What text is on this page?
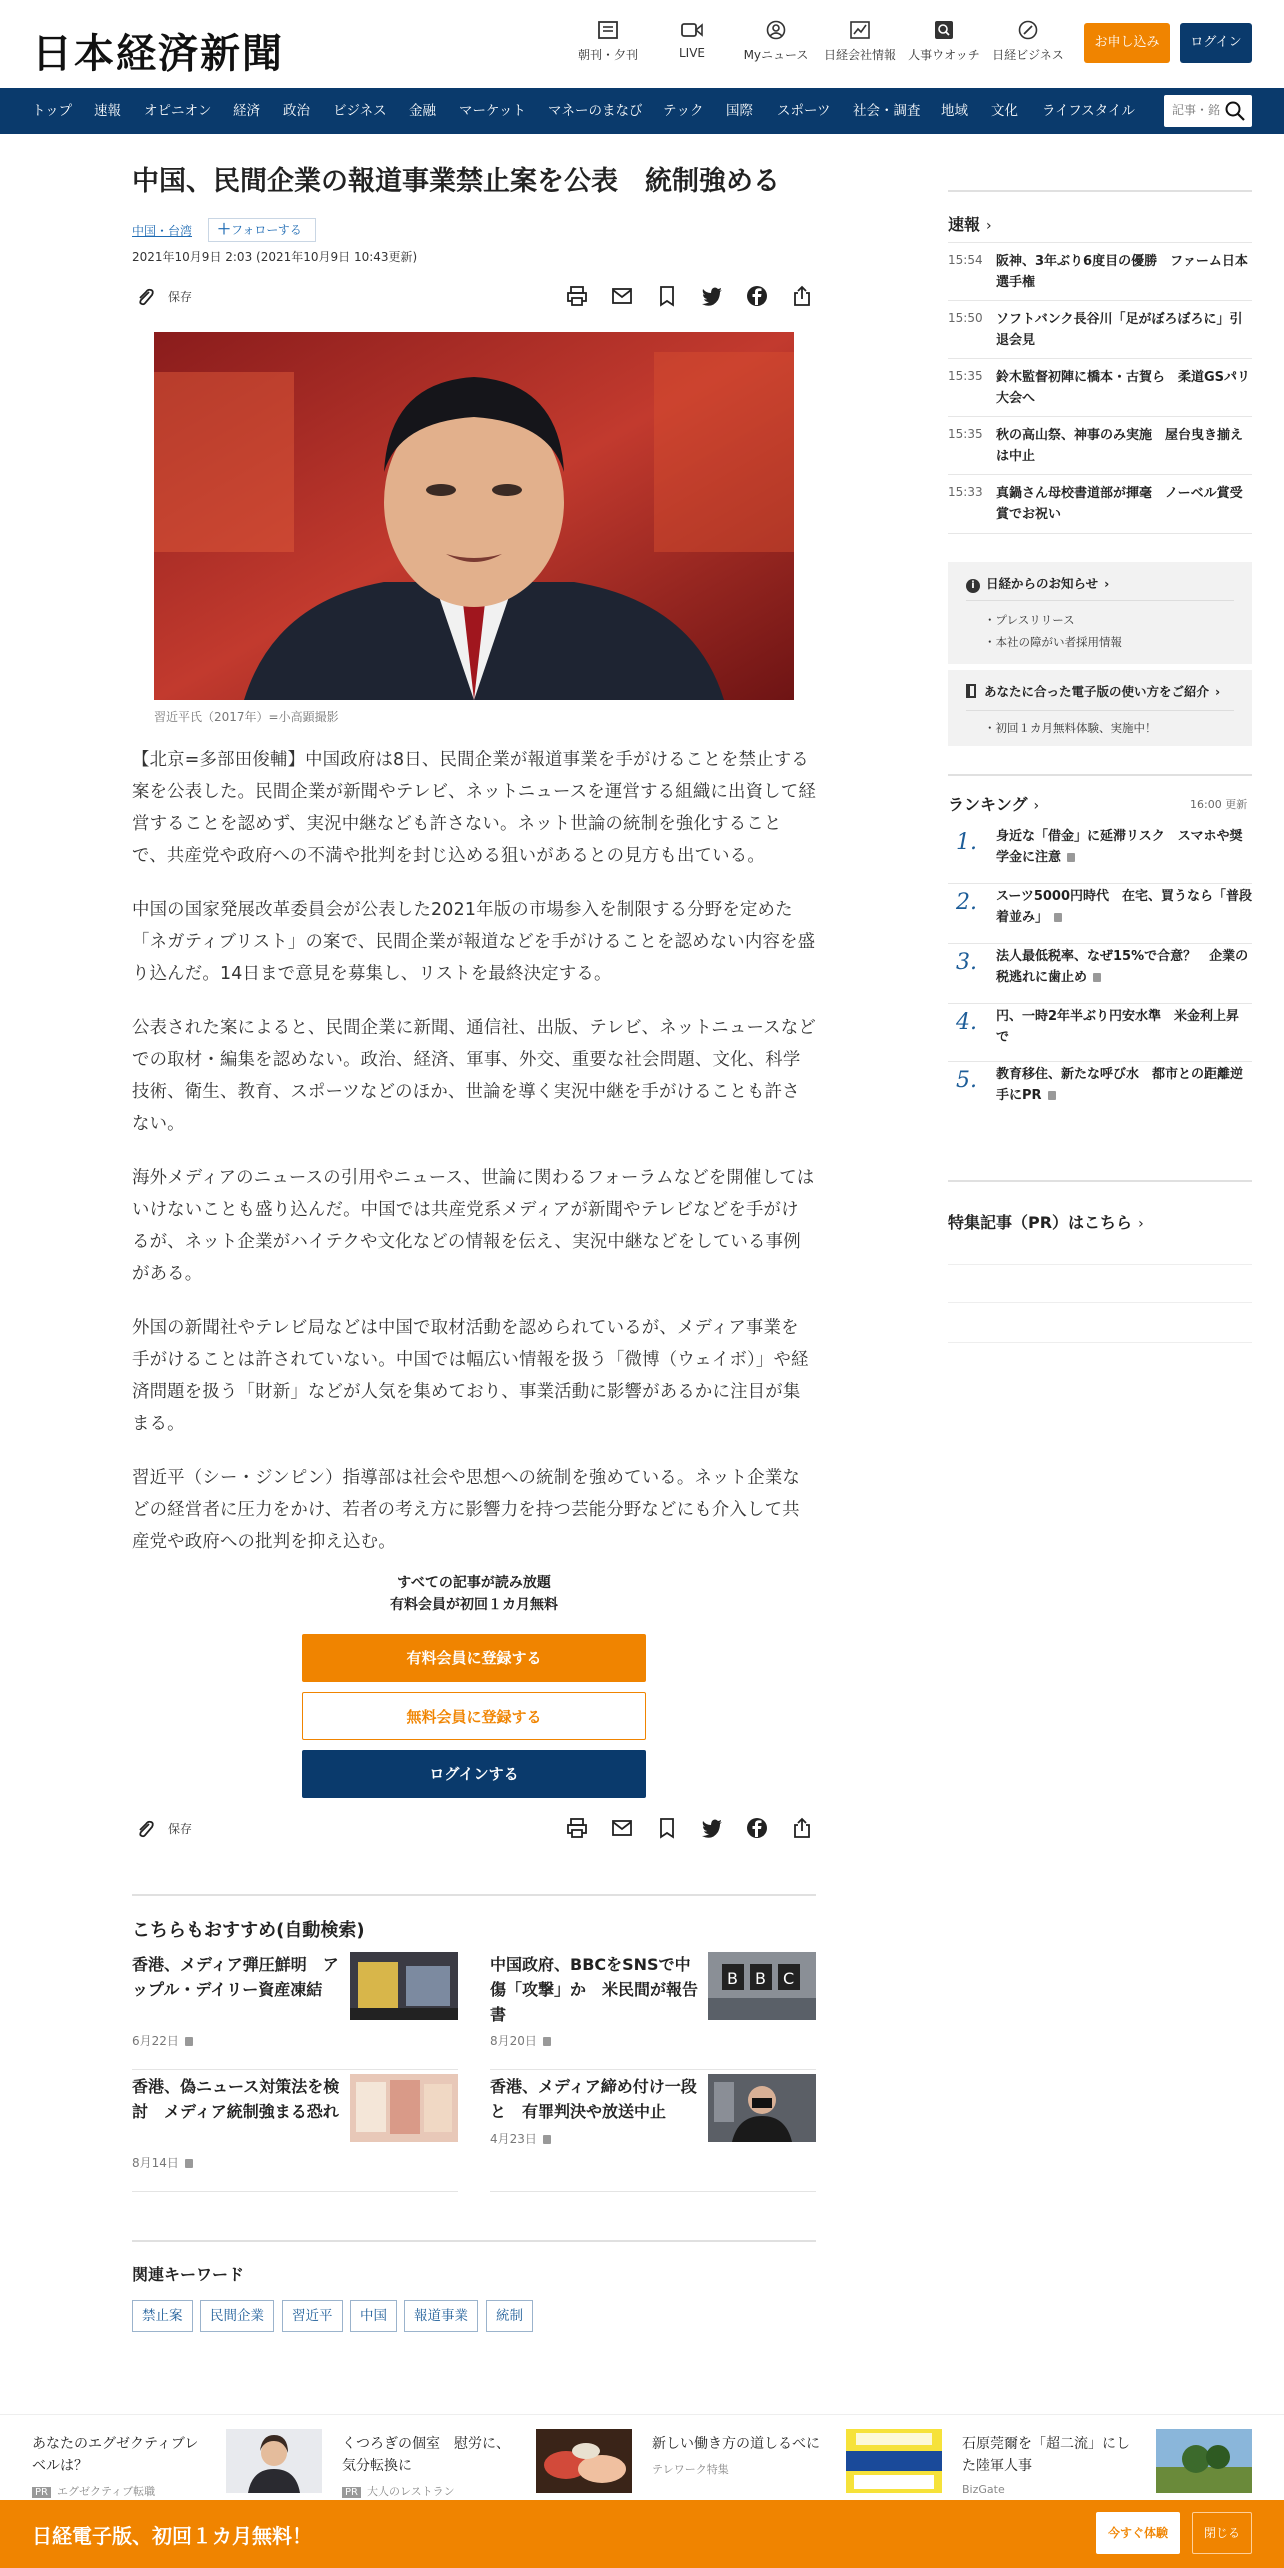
日本経済新聞	朝刊・夕刊	LIVE	Myニュース	日経会社情報	人事ウオッチ	日経ビジネス
お申し込み	ログイン
トップ 速報 オピニオン 経済 政治 ビジネス 金融 マーケット マネーのまなび テック 国際 スポーツ 社会・調査 地域 文化 ライフスタイル
記事・銘
中国、民間企業の報道事業禁止案を公表　統制強める
中国・台湾	＋フォローする
2021年10月9日 2:03 (2021年10月9日 10:43更新)
保存

習近平氏（2017年）=小高顕撮影

【北京=多部田俊輔】中国政府は8日、民間企業が報道事業を手がけることを禁止する案を公表した。民間企業が新聞やテレビ、ネットニュースを運営する組織に出資して経営することを認めず、実況中継なども許さない。ネット世論の統制を強化することで、共産党や政府への不満や批判を封じ込める狙いがあるとの見方も出ている。

中国の国家発展改革委員会が公表した2021年版の市場参入を制限する分野を定めた「ネガティブリスト」の案で、民間企業が報道などを手がけることを認めない内容を盛り込んだ。14日まで意見を募集し、リストを最終決定する。

公表された案によると、民間企業に新聞、通信社、出版、テレビ、ネットニュースなどでの取材・編集を認めない。政治、経済、軍事、外交、重要な社会問題、文化、科学技術、衛生、教育、スポーツなどのほか、世論を導く実況中継を手がけることも許さない。

海外メディアのニュースの引用やニュース、世論に関わるフォーラムなどを開催してはいけないことも盛り込んだ。中国では共産党系メディアが新聞やテレビなどを手がけるが、ネット企業がハイテクや文化などの情報を伝え、実況中継などをしている事例がある。

外国の新聞社やテレビ局などは中国で取材活動を認められているが、メディア事業を手がけることは許されていない。中国では幅広い情報を扱う「微博（ウェイボ）」や経済問題を扱う「財新」などが人気を集めており、事業活動に影響があるかに注目が集まる。

習近平（シー・ジンピン）指導部は社会や思想への統制を強めている。ネット企業などの経営者に圧力をかけ、若者の考え方に影響力を持つ芸能分野などにも介入して共産党や政府への批判を抑え込む。

すべての記事が読み放題
有料会員が初回１カ月無料
有料会員に登録する
無料会員に登録する
ログインする
保存

こちらもおすすめ(自動検索)
香港、メディア弾圧鮮明　アップル・デイリー資産凍結
6月22日
中国政府、BBCをSNSで中傷「攻撃」か　米民間が報告書
8月20日
B B C
香港、偽ニュース対策法を検討　メディア統制強まる恐れ
8月14日
香港、メディア締め付け一段と　有罪判決や放送中止
4月23日
関連キーワード
禁止案	民間企業	習近平	中国	報道事業	統制
速報 ›
15:54 阪神、3年ぶり6度目の優勝　ファーム日本選手権
15:50 ソフトバンク長谷川「足がぼろぼろに」引退会見
15:35 鈴木監督初陣に橋本・古賀ら　柔道GSパリ大会へ
15:35 秋の高山祭、神事のみ実施　屋台曳き揃えは中止
15:33 真鍋さん母校書道部が揮毫　ノーベル賞受賞でお祝い
i 日経からのお知らせ ›
・プレスリリース
・本社の障がい者採用情報
あなたに合った電子版の使い方をご紹介 ›
・初回１カ月無料体験、実施中！
ランキング ›	16:00 更新
1. 身近な「借金」に延滞リスク　スマホや奨学金に注意
2. スーツ5000円時代　在宅、買うなら「普段着並み」
3. 法人最低税率、なぜ15%で合意？　企業の税逃れに歯止め
4. 円、一時2年半ぶり円安水準　米金利上昇で
5. 教育移住、新たな呼び水　都市との距離逆手にPR
特集記事（PR）はこちら ›
あなたのエグゼクティブレベルは？
PR エグゼクティブ転職
くつろぎの個室　慰労に、気分転換に
PR 大人のレストラン
新しい働き方の道しるべに
テレワーク特集
石原莞爾を「超二流」にした陸軍人事
BizGate
日経電子版、初回１カ月無料！	今すぐ体験	閉じる
